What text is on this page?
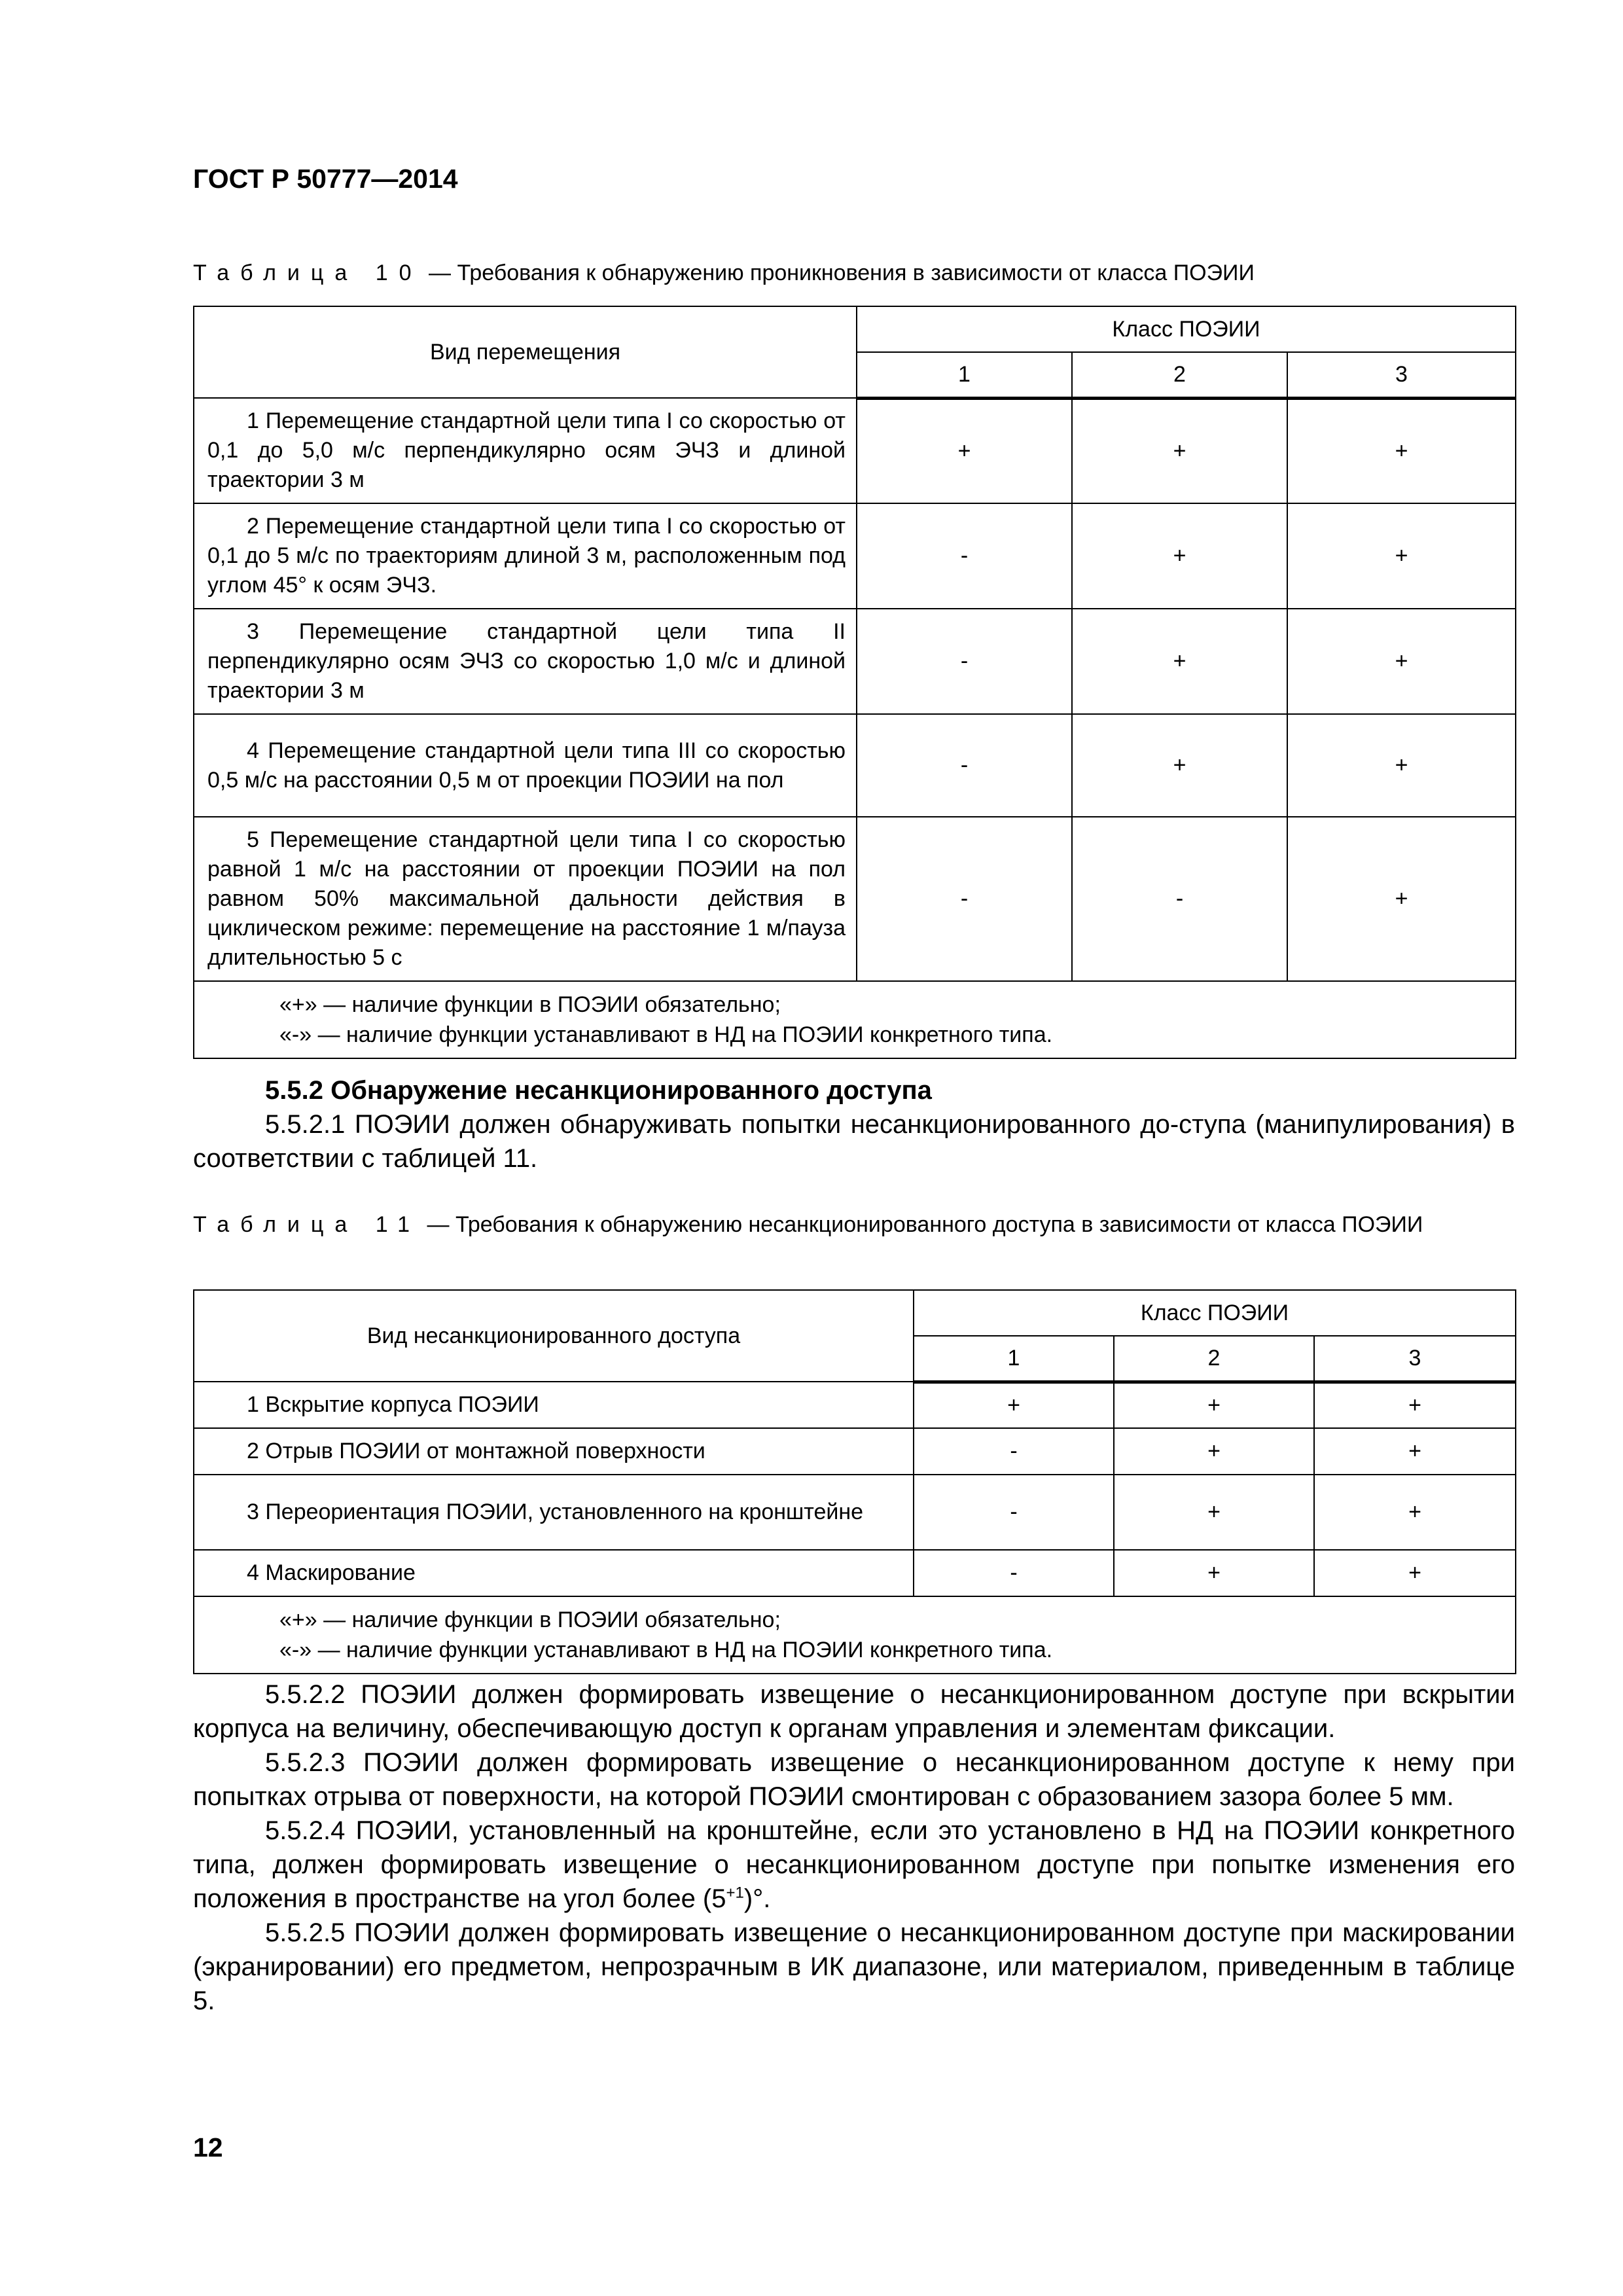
ГОСТ Р 50777—2014
Таблица 10 — Требования к обнаружению проникновения в зависимости от класса ПОЭИИ
Вид перемещения	Класс ПОЭИИ		
	1	2	3
1 Перемещение стандартной цели типа I со скоростью от 0,1 до 5,0 м/с перпендикулярно осям ЭЧЗ и длиной траектории 3 м	+	+	+
2 Перемещение стандартной цели типа I со скоростью от 0,1 до 5 м/с по траекториям длиной 3 м, расположенным под углом 45° к осям ЭЧЗ.	-	+	+
3 Перемещение стандартной цели типа II перпендикулярно осям ЭЧЗ со скоростью 1,0 м/с и длиной траектории 3 м	-	+	+
4 Перемещение стандартной цели типа III со скоростью 0,5 м/с на расстоянии 0,5 м от проекции ПОЭИИ на пол	-	+	+
5 Перемещение стандартной цели типа I со скоростью равной 1 м/с на расстоянии от проекции ПОЭИИ на пол равном 50% максимальной дальности действия в циклическом режиме: перемещение на расстояние 1 м/пауза длительностью 5 с	-	-	+

«+» — наличие функции в ПОЭИИ обязательно;
«-» — наличие функции устанавливают в НД на ПОЭИИ конкретного типа.			
5.5.2 Обнаружение несанкционированного доступа
5.5.2.1 ПОЭИИ должен обнаруживать попытки несанкционированного до-ступа (манипулирования) в соответствии с таблицей 11.
Таблица 11 — Требования к обнаружению несанкционированного доступа в зависимости от класса ПОЭИИ
Вид несанкционированного доступа	Класс ПОЭИИ		
	1	2	3
1 Вскрытие корпуса ПОЭИИ	+	+	+
2 Отрыв ПОЭИИ от монтажной поверхности	-	+	+
3 Переориентация ПОЭИИ, установленного на кронштейне	-	+	+
4 Маскирование	-	+	+

«+» — наличие функции в ПОЭИИ обязательно;
«-» — наличие функции устанавливают в НД на ПОЭИИ конкретного типа.			
5.5.2.2 ПОЭИИ должен формировать извещение о несанкционированном доступе при вскрытии корпуса на величину, обеспечивающую доступ к органам управления и элементам фиксации.
5.5.2.3 ПОЭИИ должен формировать извещение о несанкционированном доступе к нему при попытках отрыва от поверхности, на которой ПОЭИИ смонтирован с образованием зазора более 5 мм.
5.5.2.4 ПОЭИИ, установленный на кронштейне, если это установлено в НД на ПОЭИИ конкретного типа, должен формировать извещение о несанкционированном доступе при попытке изменения его положения в пространстве на угол более $(5^{+1})^\circ$.
5.5.2.5 ПОЭИИ должен формировать извещение о несанкционированном доступе при маскировании (экранировании) его предметом, непрозрачным в ИК диапазоне, или материалом, приведенным в таблице 5.
12
